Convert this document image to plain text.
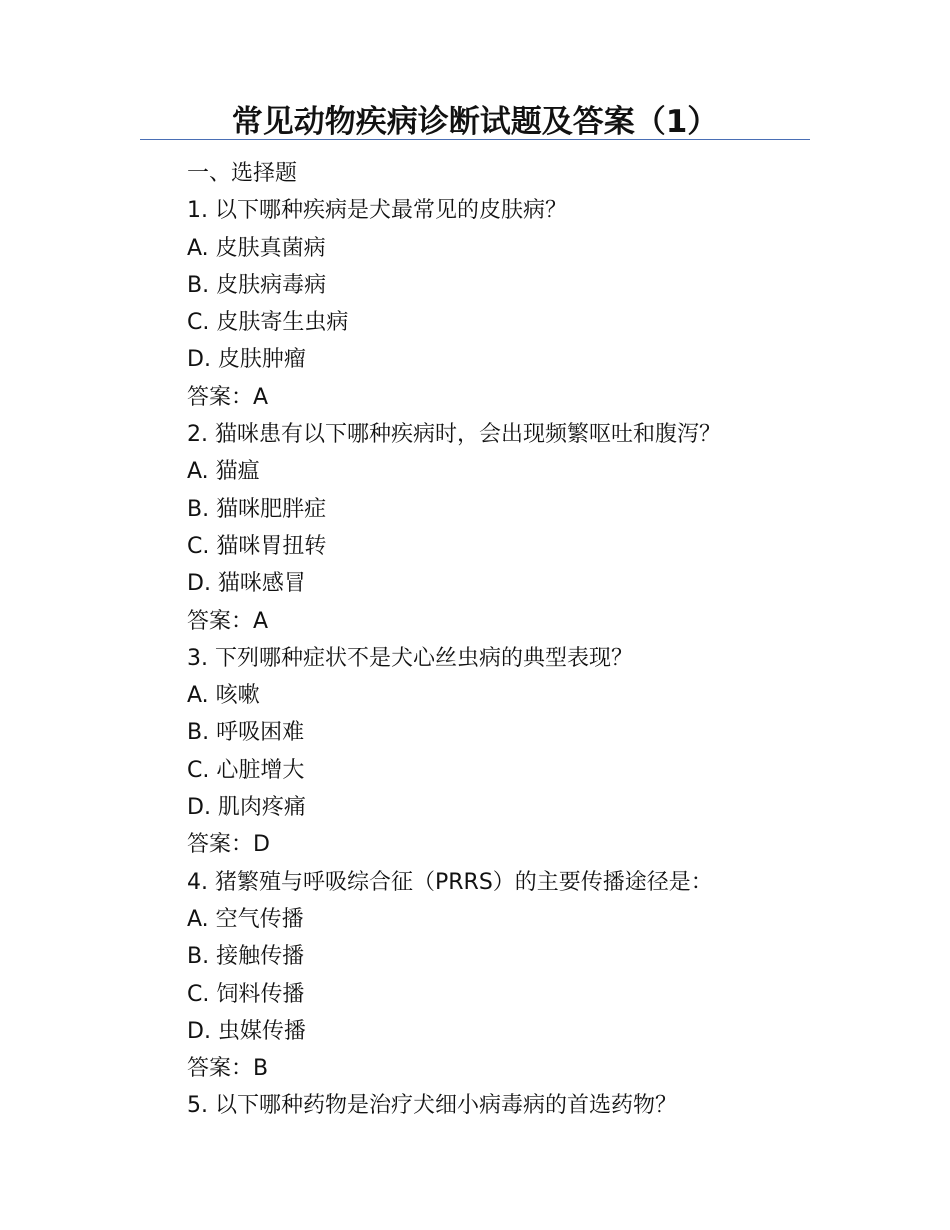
常见动物疾病诊断试题及答案（1）
一、选择题
1. 以下哪种疾病是犬最常见的皮肤病？
A. 皮肤真菌病
B. 皮肤病毒病
C. 皮肤寄生虫病
D. 皮肤肿瘤
答案：A
2. 猫咪患有以下哪种疾病时，会出现频繁呕吐和腹泻？
A. 猫瘟
B. 猫咪肥胖症
C. 猫咪胃扭转
D. 猫咪感冒
答案：A
3. 下列哪种症状不是犬心丝虫病的典型表现？
A. 咳嗽
B. 呼吸困难
C. 心脏增大
D. 肌肉疼痛
答案：D
4. 猪繁殖与呼吸综合征（PRRS）的主要传播途径是：
A. 空气传播
B. 接触传播
C. 饲料传播
D. 虫媒传播
答案：B
5. 以下哪种药物是治疗犬细小病毒病的首选药物？
